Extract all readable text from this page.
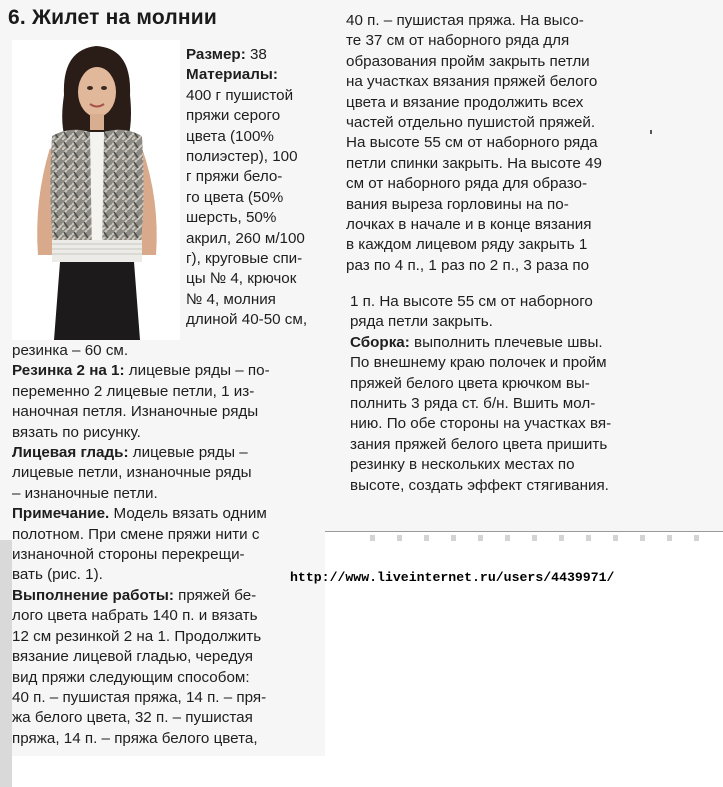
6. Жилет на молнии
Размер: 38
Материалы:
400 г пушистой
пряжи серого
цвета (100%
полиэстер), 100
г пряжи бело-
го цвета (50%
шерсть, 50%
акрил, 260 м/100
г), круговые спи-
цы № 4, крючок
№ 4, молния
длиной 40-50 см,
резинка – 60 см.
Резинка 2 на 1: лицевые ряды – по-
переменно 2 лицевые петли, 1 из-
наночная петля. Изнаночные ряды
вязать по рисунку.
Лицевая гладь: лицевые ряды –
лицевые петли, изнаночные ряды
– изнаночные петли.
Примечание. Модель вязать одним
полотном. При смене пряжи нити с
изнаночной стороны перекрещи-
вать (рис. 1).
Выполнение работы: пряжей бе-
лого цвета набрать 140 п. и вязать
12 см резинкой 2 на 1. Продолжить
вязание лицевой гладью, чередуя
вид пряжи следующим способом:
40 п. – пушистая пряжа, 14 п. – пря-
жа белого цвета, 32 п. – пушистая
пряжа, 14 п. – пряжа белого цвета,
40 п. – пушистая пряжа. На высо-
те 37 см от наборного ряда для
образования пройм закрыть петли
на участках вязания пряжей белого
цвета и вязание продолжить всех
частей отдельно пушистой пряжей.
На высоте 55 см от наборного ряда
петли спинки закрыть. На высоте 49
см от наборного ряда для образо-
вания выреза горловины на по-
лочках в начале и в конце вязания
в каждом лицевом ряду закрыть 1
раз по 4 п., 1 раз по 2 п., 3 раза по
1 п. На высоте 55 см от наборного
ряда петли закрыть.
Сборка: выполнить плечевые швы.
По внешнему краю полочек и пройм
пряжей белого цвета крючком вы-
полнить 3 ряда ст. б/н. Вшить мол-
нию. По обе стороны на участках вя-
зания пряжей белого цвета пришить
резинку в нескольких местах по
высоте, создать эффект стягивания.
http://www.liveinternet.ru/users/4439971/
